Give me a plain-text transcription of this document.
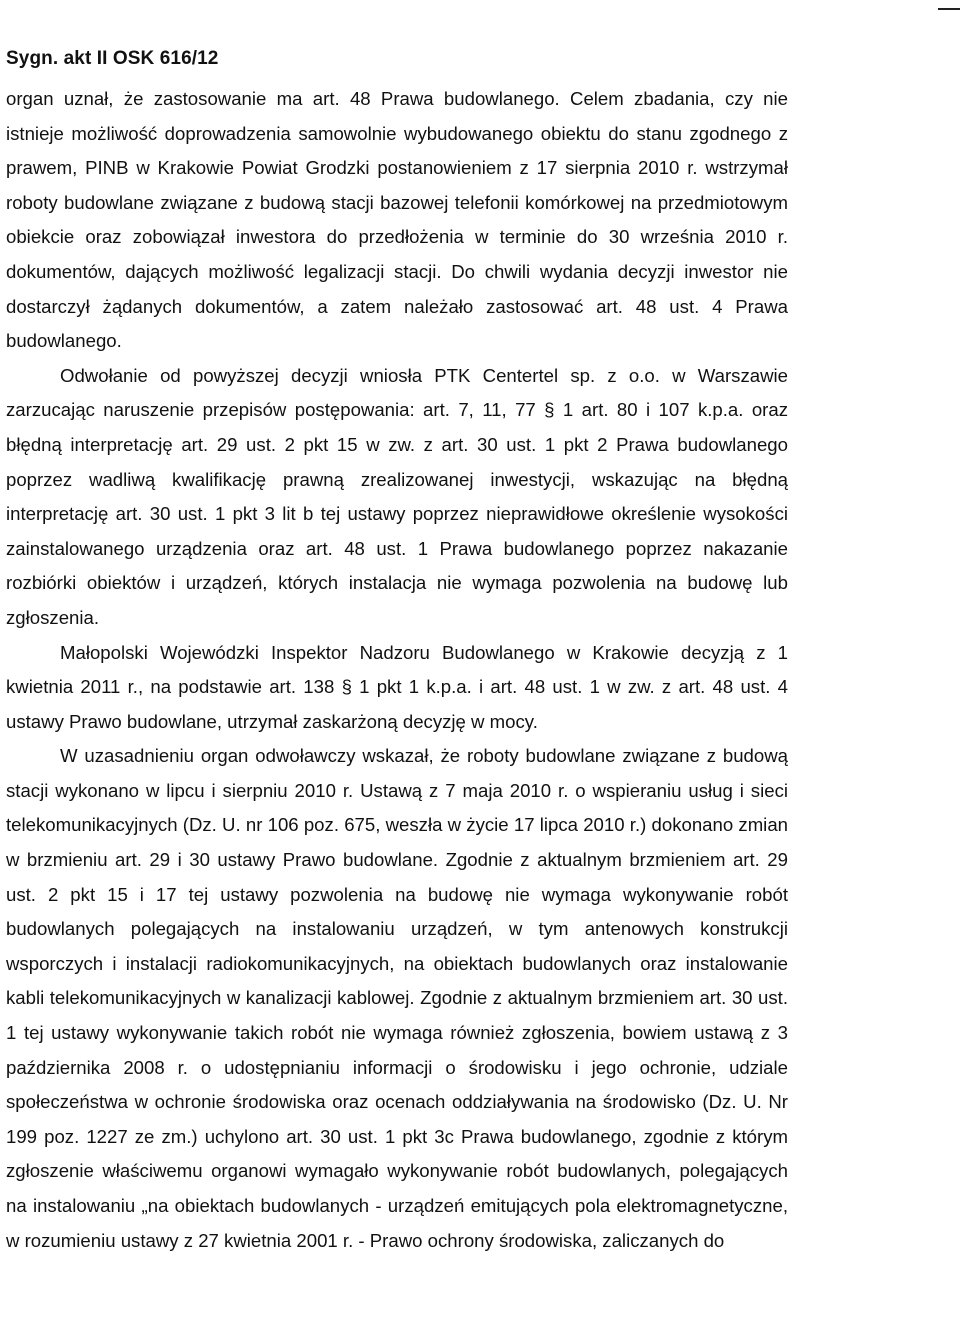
Sygn. akt II OSK 616/12

organ uznał, że zastosowanie ma art. 48 Prawa budowlanego. Celem zbadania, czy nie istnieje możliwość doprowadzenia samowolnie wybudowanego obiektu do stanu zgodnego z prawem, PINB w Krakowie Powiat Grodzki postanowieniem z 17 sierpnia 2010 r. wstrzymał roboty budowlane związane z budową stacji bazowej telefonii komórkowej na przedmiotowym obiekcie oraz zobowiązał inwestora do przedłożenia w terminie do 30 września 2010 r. dokumentów, dających możliwość legalizacji stacji. Do chwili wydania decyzji inwestor nie dostarczył żądanych dokumentów, a zatem należało zastosować art. 48 ust. 4 Prawa budowlanego.

Odwołanie od powyższej decyzji wniosła PTK Centertel sp. z o.o. w Warszawie zarzucając naruszenie przepisów postępowania: art. 7, 11, 77 § 1 art. 80 i 107 k.p.a. oraz błędną interpretację art. 29 ust. 2 pkt 15 w zw. z art. 30 ust. 1 pkt 2 Prawa budowlanego poprzez wadliwą kwalifikację prawną zrealizowanej inwestycji, wskazując na błędną interpretację art. 30 ust. 1 pkt 3 lit b tej ustawy poprzez nieprawidłowe określenie wysokości zainstalowanego urządzenia oraz art. 48 ust. 1 Prawa budowlanego poprzez nakazanie rozbiórki obiektów i urządzeń, których instalacja nie wymaga pozwolenia na budowę lub zgłoszenia.

Małopolski Wojewódzki Inspektor Nadzoru Budowlanego w Krakowie decyzją z 1 kwietnia 2011 r., na podstawie art. 138 § 1 pkt 1 k.p.a. i art. 48 ust. 1 w zw. z art. 48 ust. 4 ustawy Prawo budowlane, utrzymał zaskarżoną decyzję w mocy.

W uzasadnieniu organ odwoławczy wskazał, że roboty budowlane związane z budową stacji wykonano w lipcu i sierpniu 2010 r. Ustawą z 7 maja 2010 r. o wspieraniu usług i sieci telekomunikacyjnych (Dz. U. nr 106 poz. 675, weszła w życie 17 lipca 2010 r.) dokonano zmian w brzmieniu art. 29 i 30 ustawy Prawo budowlane. Zgodnie z aktualnym brzmieniem art. 29 ust. 2 pkt 15 i 17 tej ustawy pozwolenia na budowę nie wymaga wykonywanie robót budowlanych polegających na instalowaniu urządzeń, w tym antenowych konstrukcji wsporczych i instalacji radiokomunikacyjnych, na obiektach budowlanych oraz instalowanie kabli telekomunikacyjnych w kanalizacji kablowej. Zgodnie z aktualnym brzmieniem art. 30 ust. 1 tej ustawy wykonywanie takich robót nie wymaga również zgłoszenia, bowiem ustawą z 3 października 2008 r. o udostępnianiu informacji o środowisku i jego ochronie, udziale społeczeństwa w ochronie środowiska oraz ocenach oddziaływania na środowisko (Dz. U. Nr 199 poz. 1227 ze zm.) uchylono art. 30 ust. 1 pkt 3c Prawa budowlanego, zgodnie z którym zgłoszenie właściwemu organowi wymagało wykonywanie robót budowlanych, polegających na instalowaniu „na obiektach budowlanych - urządzeń emitujących pola elektromagnetyczne, w rozumieniu ustawy z 27 kwietnia 2001 r. - Prawo ochrony środowiska, zaliczanych do
